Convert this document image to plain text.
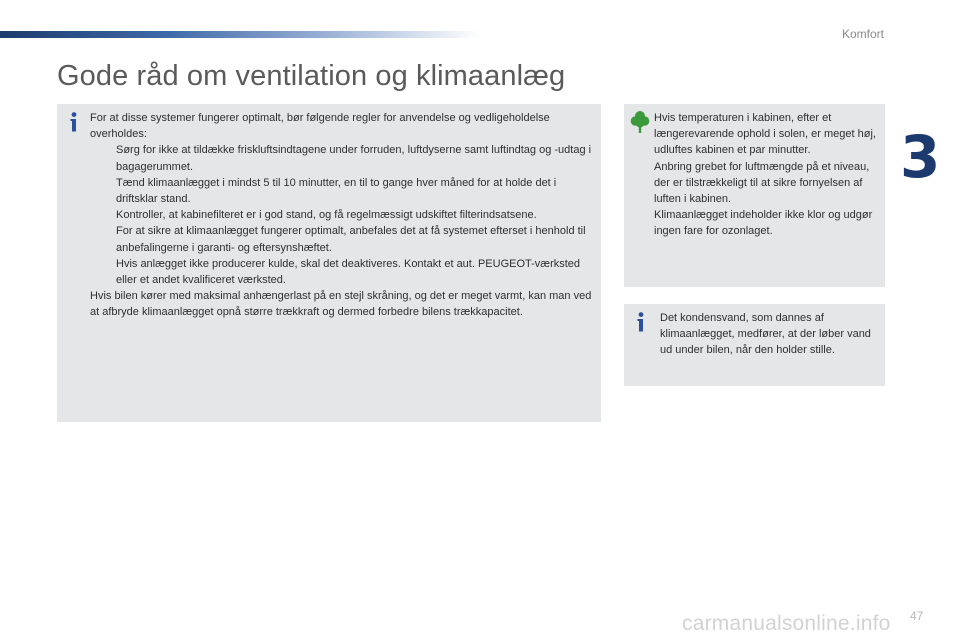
Komfort
3
Gode råd om ventilation og klimaanlæg

For at disse systemer fungerer optimalt, bør følgende regler for anvendelse og vedligeholdelse overholdes:

Sørg for ikke at tildække friskluftsindtagene under forruden, luftdyserne samt luftindtag og -udtag i bagagerummet.
Tænd klimaanlægget i mindst 5 til 10 minutter, en til to gange hver måned for at holde det i driftsklar stand.
Kontroller, at kabinefilteret er i god stand, og få regelmæssigt udskiftet filterindsatsene.
For at sikre at klimaanlægget fungerer optimalt, anbefales det at få systemet efterset i henhold til anbefalingerne i garanti- og eftersynshæftet.
Hvis anlægget ikke producerer kulde, skal det deaktiveres. Kontakt et aut. PEUGEOT-værksted eller et andet kvalificeret værksted.

Hvis bilen kører med maksimal anhængerlast på en stejl skråning, og det er meget varmt, kan man ved at afbryde klimaanlægget opnå større trækkraft og dermed forbedre bilens trækkapacitet.

Hvis temperaturen i kabinen, efter et længerevarende ophold i solen, er meget høj, udluftes kabinen et par minutter.

Anbring grebet for luftmængde på et niveau, der er tilstrækkeligt til at sikre fornyelsen af luften i kabinen.

Klimaanlægget indeholder ikke klor og udgør ingen fare for ozonlaget.

Det kondensvand, som dannes af klimaanlægget, medfører, at der løber vand ud under bilen, når den holder stille.
carmanualsonline.info 47
